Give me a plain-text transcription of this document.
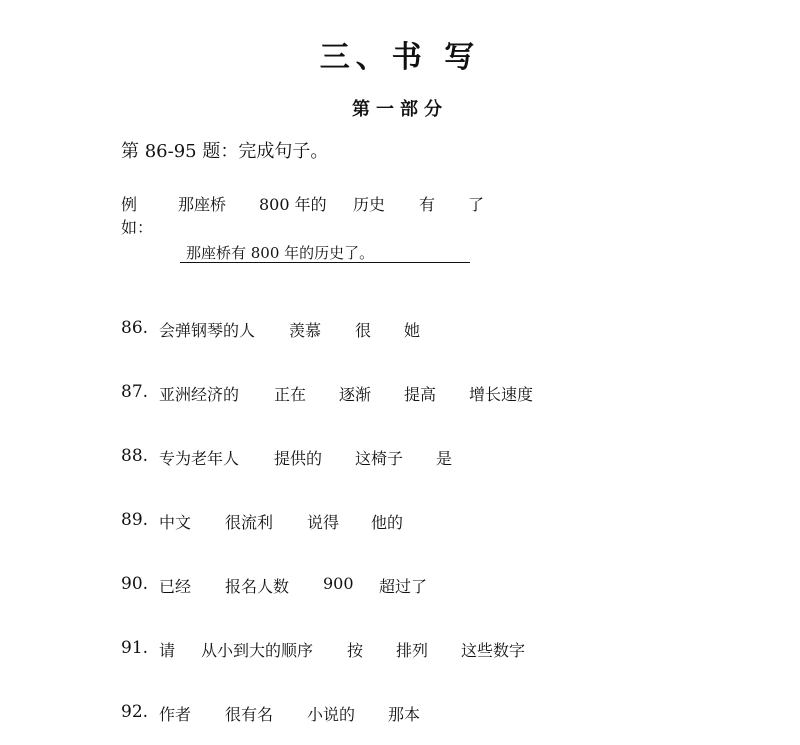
三、书 写
第一部分
第 86-95 题：完成句子。
例如：
那座桥 800 年的 历史 有 了
那座桥有 800 年的历史了。
86. 会弹钢琴的人 羡慕 很 她
87. 亚洲经济的 正在 逐渐 提高 增长速度
88. 专为老年人 提供的 这椅子 是
89. 中文 很流利 说得 他的
90. 已经 报名人数 900 超过了
91. 请 从小到大的顺序 按 排列 这些数字
92. 作者 很有名 小说的 那本
